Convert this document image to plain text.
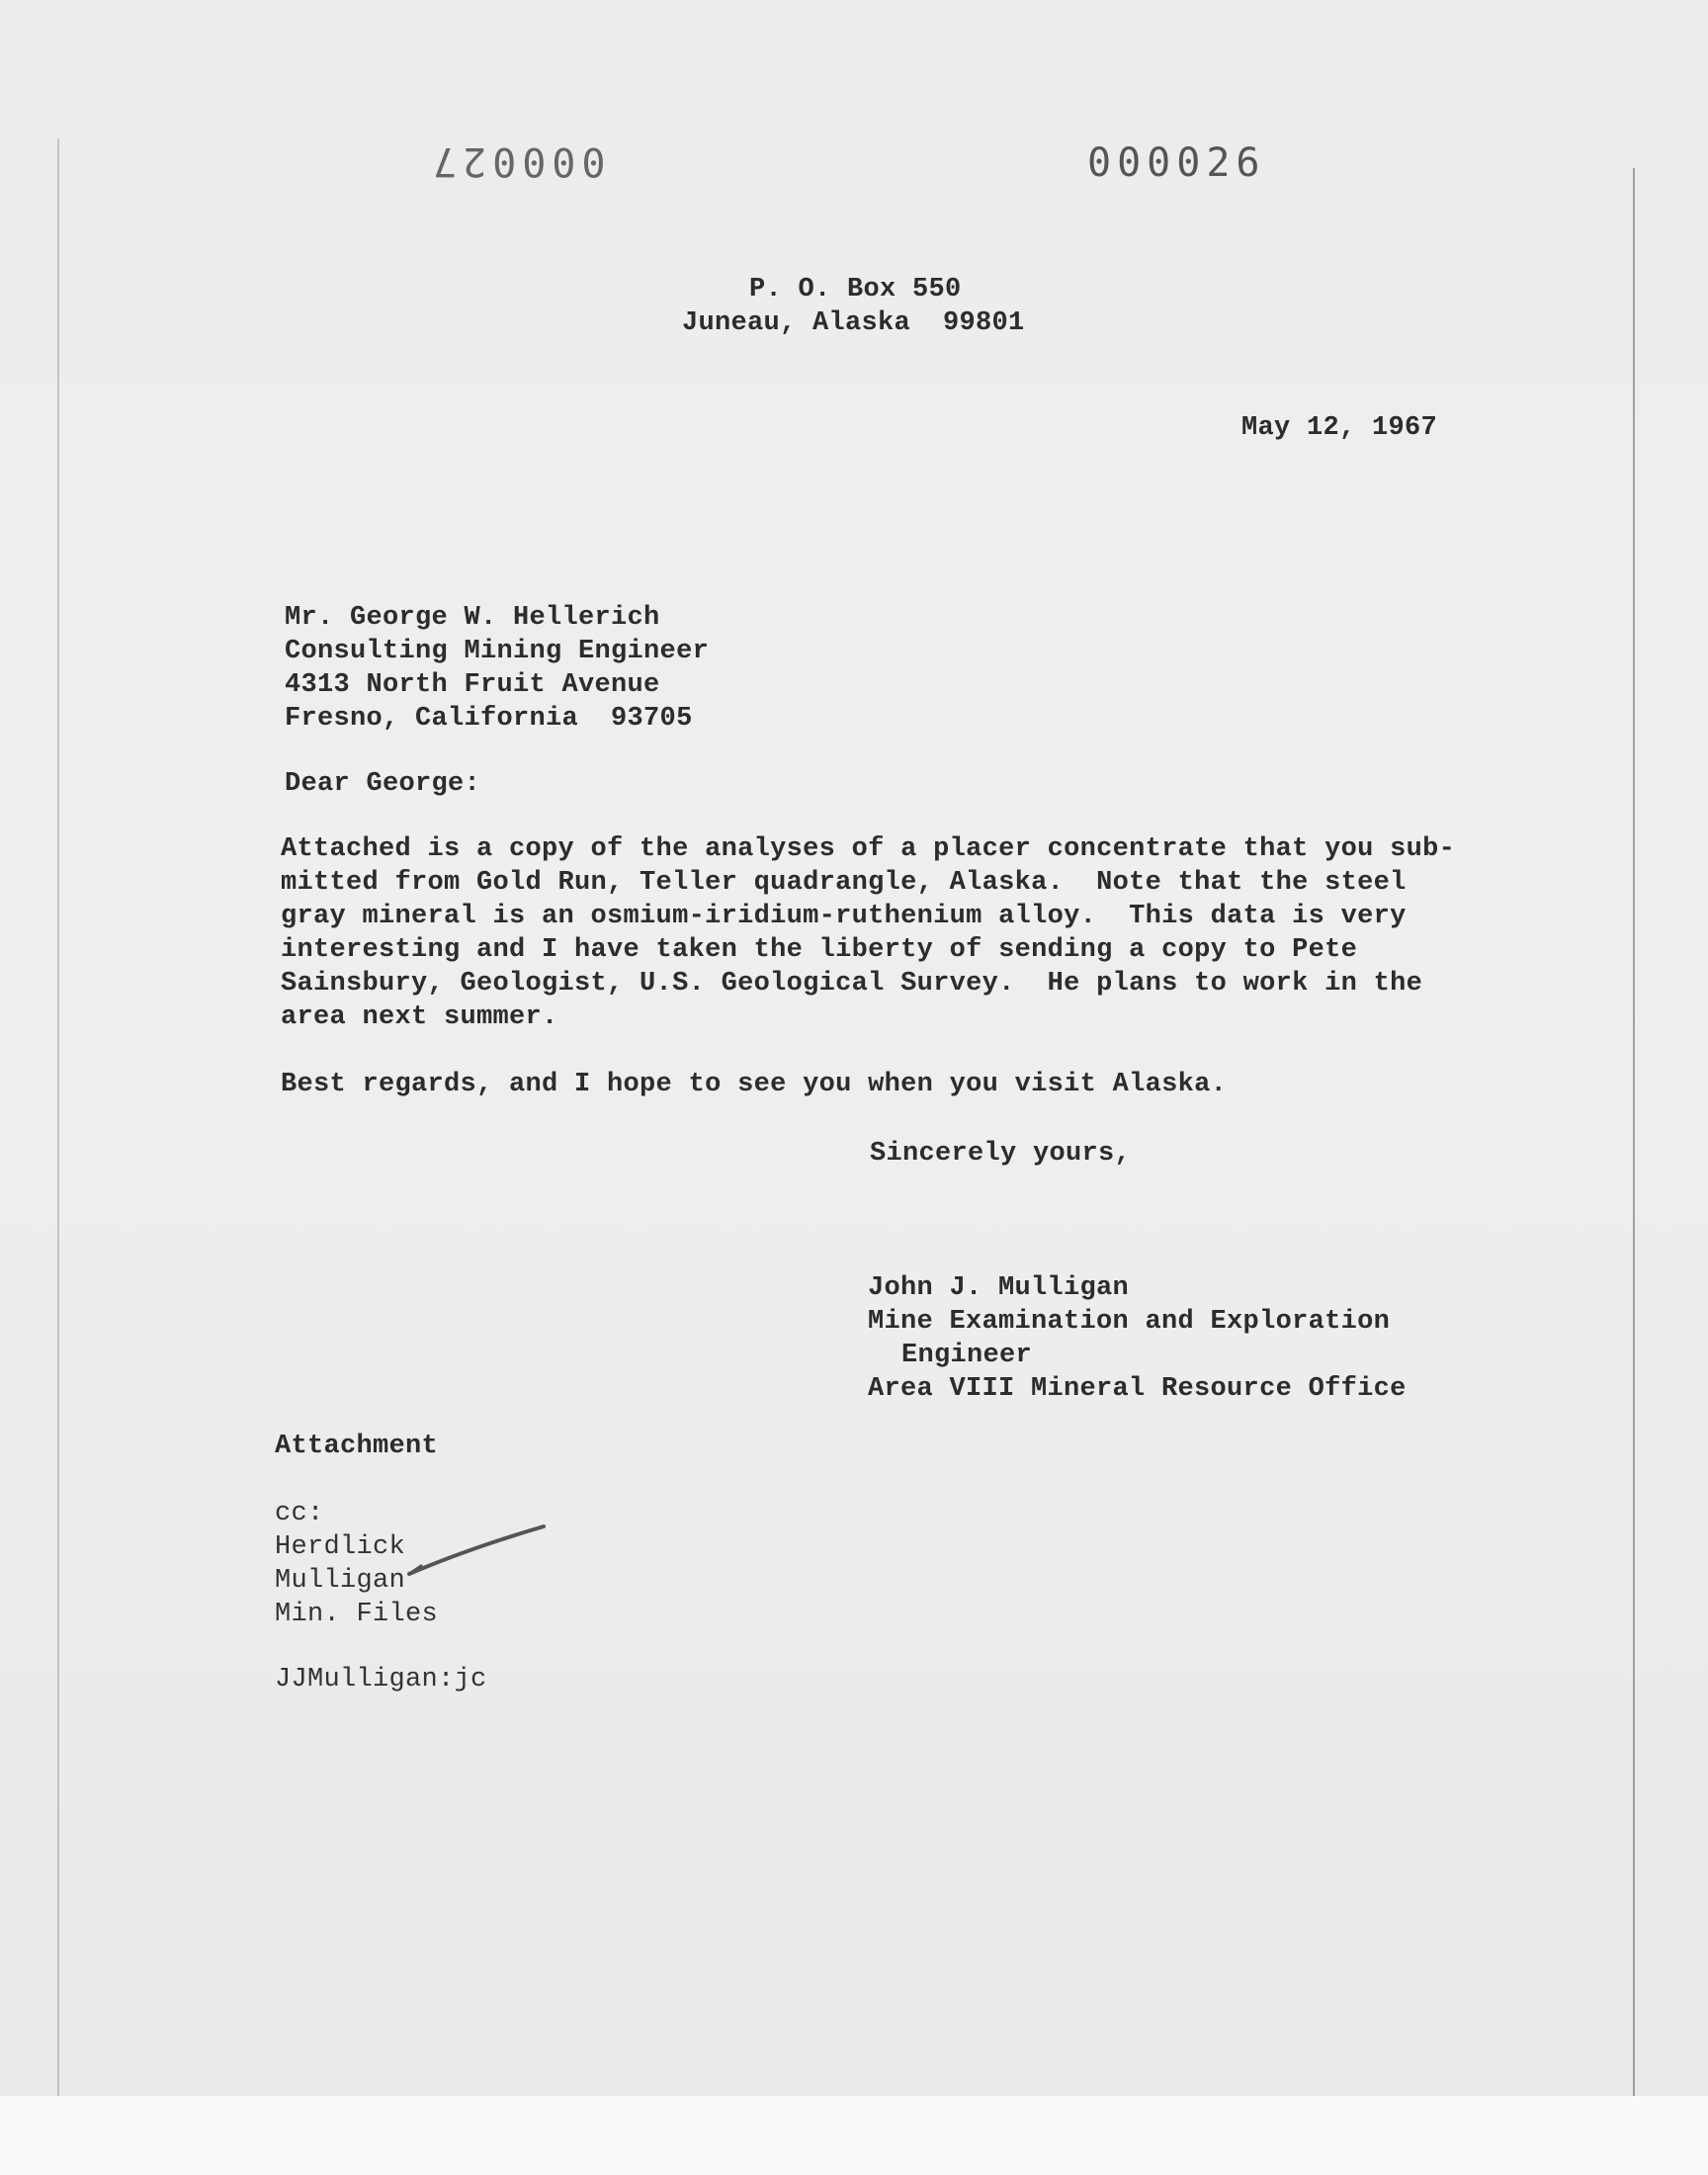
000027	000026
P. O. Box 550
Juneau, Alaska  99801
May 12, 1967
Mr. George W. Hellerich
Consulting Mining Engineer
4313 North Fruit Avenue
Fresno, California  93705
Dear George:
Attached is a copy of the analyses of a placer concentrate that you sub-
mitted from Gold Run, Teller quadrangle, Alaska.  Note that the steel
gray mineral is an osmium-iridium-ruthenium alloy.  This data is very
interesting and I have taken the liberty of sending a copy to Pete
Sainsbury, Geologist, U.S. Geological Survey.  He plans to work in the
area next summer.
Best regards, and I hope to see you when you visit Alaska.
Sincerely yours,
John J. Mulligan
Mine Examination and Exploration
Engineer
Area VIII Mineral Resource Office
Attachment
cc:
Herdlick
Mulligan
Min. Files
JJMulligan:jc
